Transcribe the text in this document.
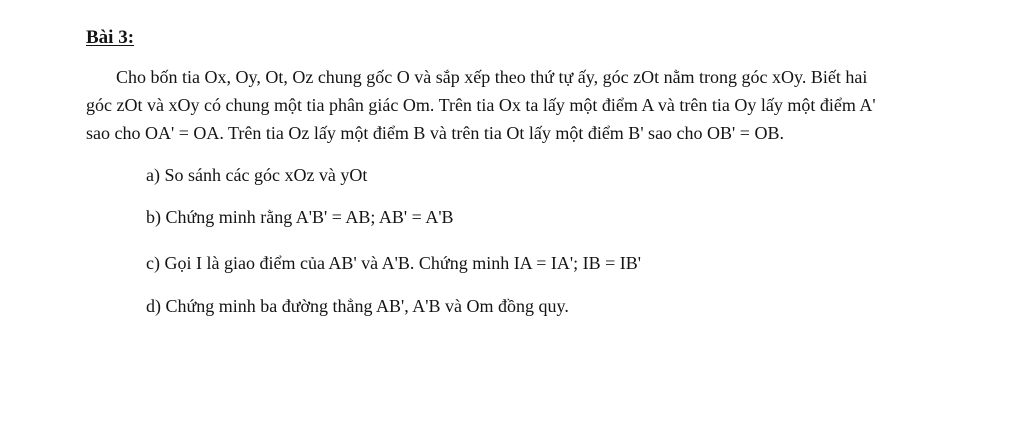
Bài 3:
Cho bốn tia Ox, Oy, Ot, Oz chung gốc O và sắp xếp theo thứ tự ấy, góc zOt nằm trong góc xOy. Biết hai
góc zOt và xOy có chung một tia phân giác Om. Trên tia Ox ta lấy một điểm A và trên tia Oy lấy một điểm A'
sao cho OA' = OA. Trên tia Oz lấy một điểm B và trên tia Ot lấy một điểm B' sao cho OB' = OB.
a) So sánh các góc xOz và yOt
b) Chứng minh rằng A'B' = AB; AB' = A'B
c) Gọi I là giao điểm của AB' và A'B. Chứng minh IA = IA'; IB = IB'
d) Chứng minh ba đường thẳng AB', A'B và Om đồng quy.
